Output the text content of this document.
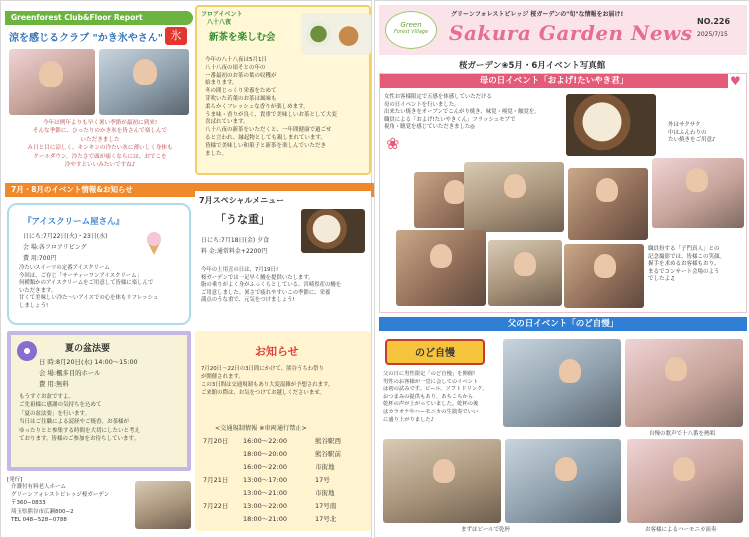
Greenforest Club&Floor Report
涼を感じるクラブ "かき氷やさん" 氷
今年は例年よりも早く暑い季節が最初に到来!
そんな季節に、ひったりのかき氷を皆さんで楽しんで
いただきました
み日と目に涼しく、キンキンの冷たい氷に薄いしく身体も
クールダウン。冷たさで頭が痛くならには、おでこを
冷やすといいみたいですね♪
フロアイベント
八十八夜
新茶を楽しむ会
今年の八十八夜は5月1日
八十八夜の頃そとの年の
一番最初のお茶の葉の収穫が
始まります。
冬の間じっくり栄養をためて
芽吹いた若葉のお茶は風味も
柔らかくフレッシュな香りが楽しめます。
うま味・香りが良く、貴重で美味しいお茶として大変
喜ばれています。
八十八夜の新茶をいただくと、一年間健康で過ごせ
ると言われ、縁起物としても親しまれています。
皆様で美味しい和菓子と新茶を楽しんでいただき
ました。
7月・8月のイベント情報&お知らせ
『アイスクリーム屋さん』
日にち:7月22日(火)・23日(水)
会 場:各フロアリビング
費 用:700円
冷たいスイーツの定番アイスクリーム
今回は、ご存じ「サーティーワンアイスクリーム」
何種類かのアイスクリームをご用意して皆様に楽しんで
いただきます。
甘くて美味しい冷た〜いアイスでの心を体もリフレッシュ
しましょう!
7月スペシャルメニュー
「うな重」
日にち:7月18日(金) 夕食
料 金:通常料金+2200円
今年の土用丑の日は、7月19日!
桜ガーデンでは一足早く鰻を提供いたします。
脂の乗りがよく身がふっくらとしている、宮崎県産の鰻を
ご用意しました。暑さで疲れやすいこの季節に、栄養
満点のうな重で、元気をつけましょう!
夏の盆法要
日 時:8月20日(水) 14:00〜15:00
会 場:楓多目的ホール
費 用:無料
もうすぐお盆ですよ。
ご先祖様に感謝の気持ちを込めて
「夏の盆法要」を行います。
当日はご住職による読経やご焼香、お茶様が
ゆったりとと参集する時間を大切にしたいと考え
ております。皆様のご参加をお待ちしています。
お知らせ
7月20日〜22日の3日間にかけて、熊谷うちわ祭り
が開催されます。
この3日間は交通規制もあり大変混雑が予想されます。
ご来館の際は、お気をつけてお越しくださいませ。
<交通規制情報 ※車両通行禁止>
7月20日	16:00〜22:00	熊谷駅西
18:00〜20:00	熊谷駅前
16:00〜22:00	市街地
7月21日	13:00〜17:00	17号
13:00〜21:00	市街地
7月22日	13:00〜22:00	17号南
18:00〜21:00	17号北
[発行]
介護付有料老人ホーム
グリーンフォレストビレッジ桜ガーデン
〒360−0833
埼玉県熊谷市広瀬800−2
TEL 048−528−0788
Green
Forest Village
グリーンフォレストビレッジ 桜ガーデンの"旬"な情報をお届け!
Sakura Garden News NO.226
2025/7/15
桜ガーデン❀5月・6月イベント写真館
母の日イベント「およげ!たいやき君」	♥
女性お客様限定で五感を体感していただける
母の日イベントを行いました。
出来たい焼きをオーブンでこんがり焼き、味覚・嗅覚・触覚を。
職員による「およげ!たいやきくん」フラッシュモブで
視角・聴覚を感じていただきました◎	外はサクサク
中はふんわりの
たい焼きをご用意♪
❀
職員扮する「子門真人」との
記念撮影では、皆様この笑顔。
握手を求めるお客様もおり、
まるでコンサート会場のよう
でしたよ♫
父の日イベント「のど自慢」
のど自慢
父の日に男性限定「のど自慢」を開催!
男性のお客様が一堂に会してのイベント
は初の試みです。ビール、ソフトドリンク、
おつまみの提供もあり、あちこちから
乾杯の声が上がっていました。乾杯の後
はカラオケやハーモニカの生演奏でいい
に盛り上がりました♪
自慢の歌声で十八番を熱唱
まずはビールで乾杯	お客様によるハーモニカ演奏
